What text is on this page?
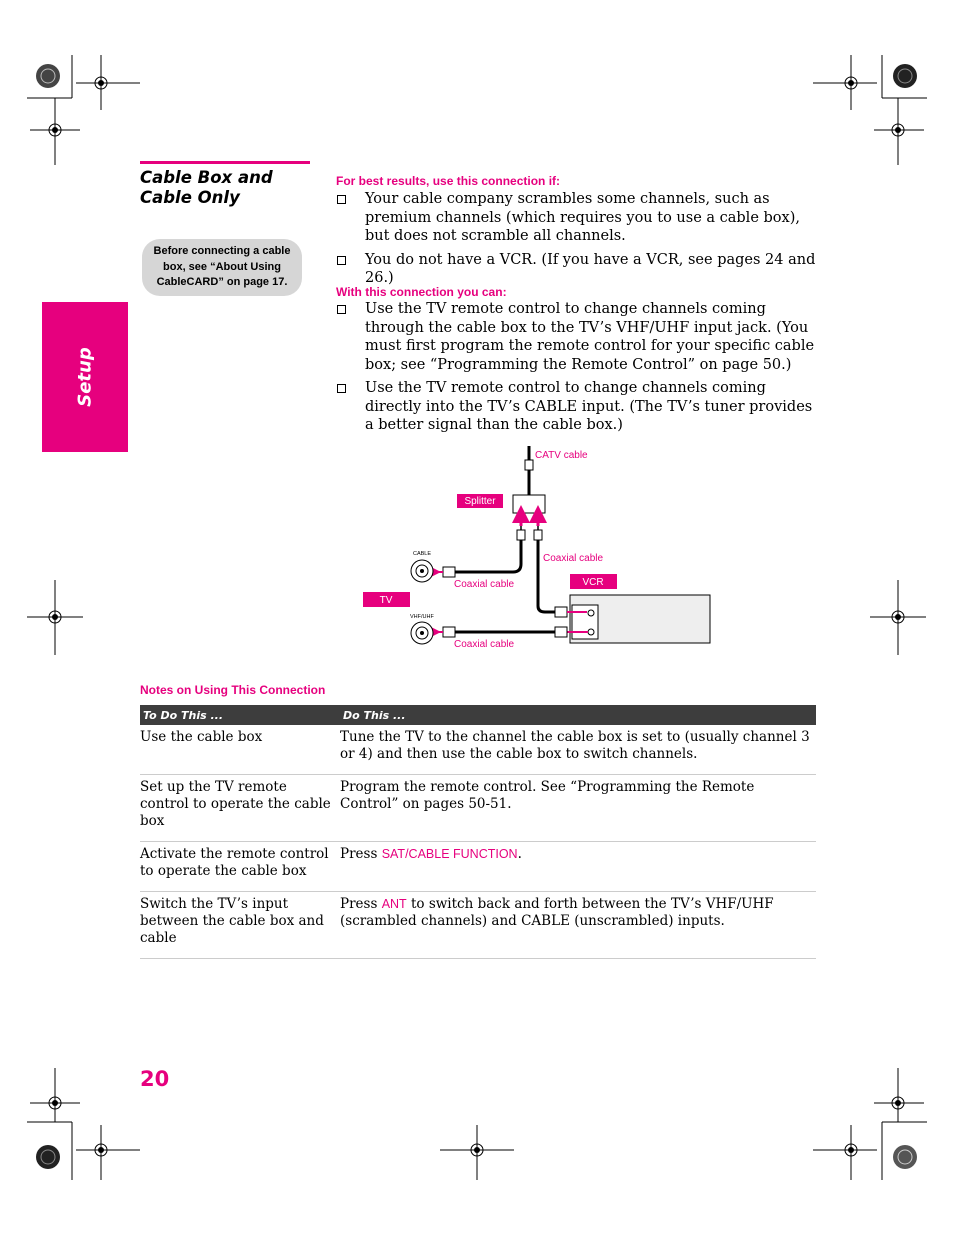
Cable Box and
Cable Only
Before connecting a cable box, see “About Using CableCARD” on page 17.
Setup
For best results, use this connection if:
Your cable company scrambles some channels, such as premium channels (which requires you to use a cable box), but does not scramble all channels.
You do not have a VCR. (If you have a VCR, see pages 24 and 26.)
With this connection you can:
Use the TV remote control to change channels coming through the cable box to the TV’s VHF/UHF input jack. (You must first program the remote control for your specific cable box; see “Programming the Remote Control” on page 50.)
Use the TV remote control to change channels coming directly into the TV’s CABLE input. (The TV’s tuner provides a better signal than the cable box.)
CATV cable
Splitter
Coaxial cable
Coaxial cable
VCR
Coaxial cable
CABLE
VHF/UHF
TV
Notes on Using This Connection
To Do This ...	Do This ...
Use the cable box	Tune the TV to the channel the cable box is set to (usually channel 3 or 4) and then use the cable box to switch channels.
Set up the TV remote control to operate the cable box	Program the remote control. See “Programming the Remote Control” on pages 50-51.
Activate the remote control to operate the cable box	Press SAT/CABLE FUNCTION.
Switch the TV’s input between the cable box and cable	Press ANT to switch back and forth between the TV’s VHF/UHF (scrambled channels) and CABLE (unscrambled) inputs.
20
